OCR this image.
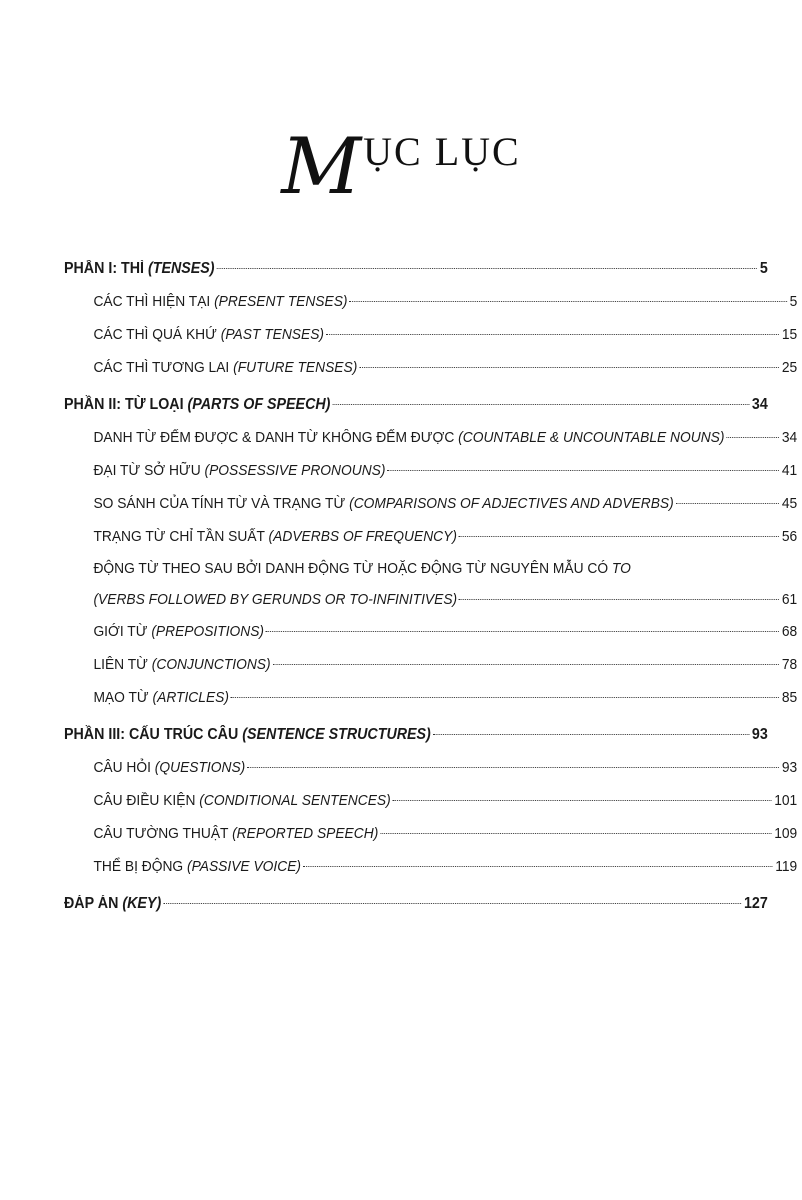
M ỤC LỤC
PHẦN I: THÌ (TENSES)	5
CÁC THÌ HIỆN TẠI (PRESENT TENSES)	5
CÁC THÌ QUÁ KHỨ (PAST TENSES)	15
CÁC THÌ TƯƠNG LAI (FUTURE TENSES)	25
PHẦN II: TỪ LOẠI (PARTS OF SPEECH)	34
DANH TỪ ĐẾM ĐƯỢC & DANH TỪ KHÔNG ĐẾM ĐƯỢC (COUNTABLE & UNCOUNTABLE NOUNS)	34
ĐẠI TỪ SỞ HỮU (POSSESSIVE PRONOUNS)	41
SO SÁNH CỦA TÍNH TỪ VÀ TRẠNG TỪ (COMPARISONS OF ADJECTIVES AND ADVERBS)	45
TRẠNG TỪ CHỈ TẦN SUẤT (ADVERBS OF FREQUENCY)	56
ĐỘNG TỪ THEO SAU BỞI DANH ĐỘNG TỪ HOẶC ĐỘNG TỪ NGUYÊN MẪU CÓ TO
(VERBS FOLLOWED BY GERUNDS OR TO-INFINITIVES)	61
GIỚI TỪ (PREPOSITIONS)	68
LIÊN TỪ (CONJUNCTIONS)	78
MẠO TỪ (ARTICLES)	85
PHẦN III: CẤU TRÚC CÂU (SENTENCE STRUCTURES)	93
CÂU HỎI (QUESTIONS)	93
CÂU ĐIỀU KIỆN (CONDITIONAL SENTENCES)	101
CÂU TƯỜNG THUẬT (REPORTED SPEECH)	109
THỂ BỊ ĐỘNG (PASSIVE VOICE)	119
ĐÁP ÁN (KEY)	127
